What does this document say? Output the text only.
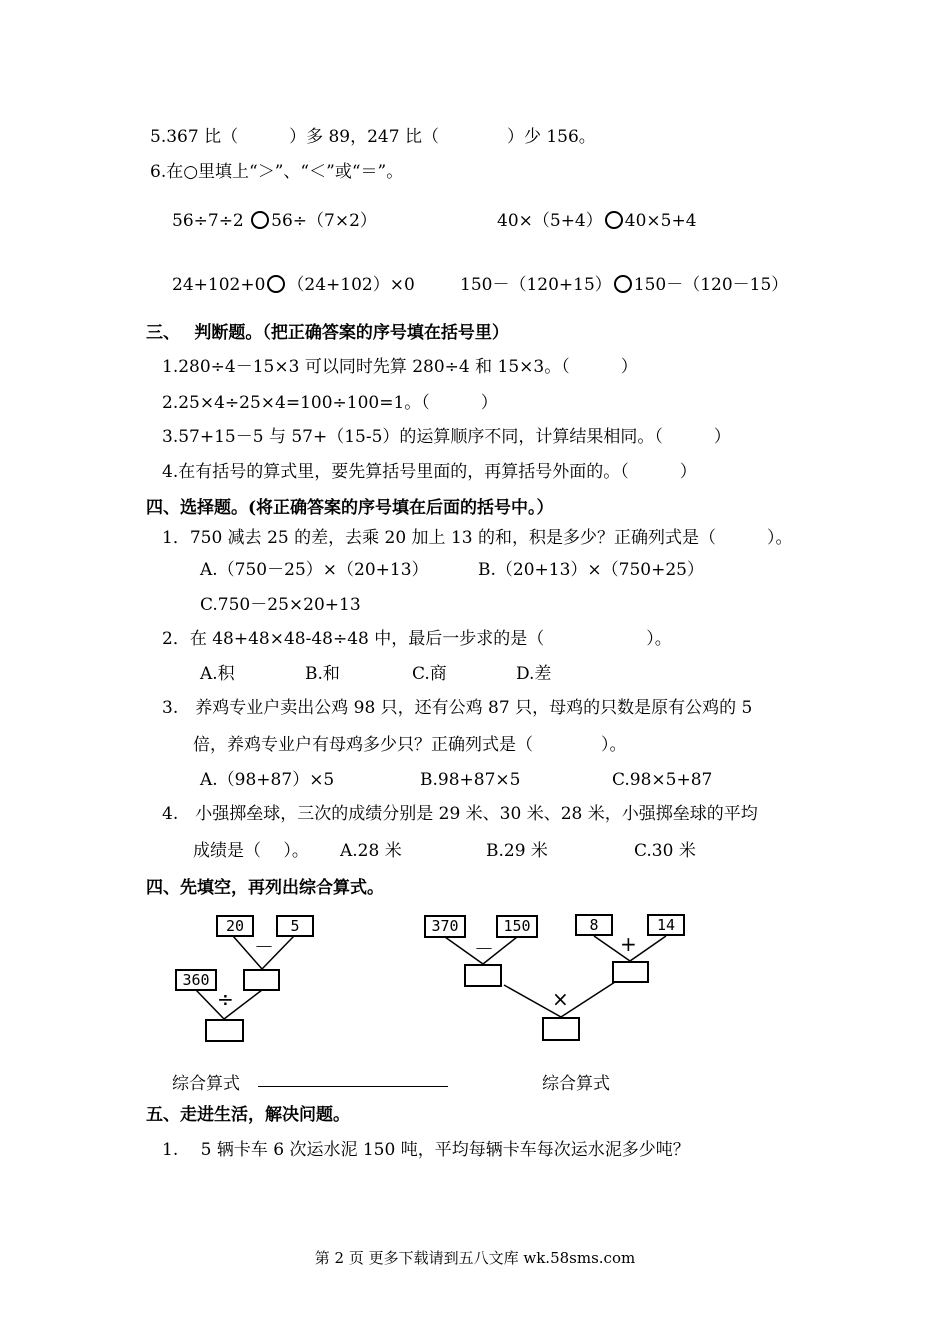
5.367 比（　　　）多 89，247 比（　　　　）少 156。
6.在○里填上“＞”、“＜”或“＝”。
56÷7÷2 56÷（7×2）	40×（5+4） 40×5+4
24+102+0 （24+102）×0	150－（120+15） 150－（120－15）
三、　 判断题。（把正确答案的序号填在括号里）
1.280÷4－15×3 可以同时先算 280÷4 和 15×3。（　　　）
2.25×4÷25×4=100÷100=1。（　　　）
3.57+15－5 与 57+（15-5）的运算顺序不同，计算结果相同。（　　　）
4.在有括号的算式里，要先算括号里面的，再算括号外面的。（　　　）
四、选择题。(将正确答案的序号填在后面的括号中。）
1．750 减去 25 的差，去乘 20 加上 13 的和，积是多少？正确列式是（　　　）。
A.（750－25）×（20+13）	B.（20+13）×（750+25）
C.750－25×20+13
2．在 48+48×48-48÷48 中，最后一步求的是（　　　　　　）。
A.积	B.和	C.商	D.差
3.　养鸡专业户卖出公鸡 98 只，还有公鸡 87 只，母鸡的只数是原有公鸡的 5
倍，养鸡专业户有母鸡多少只？正确列式是（　　　　）。
A.（98+87）×5	B.98+87×5	C.98×5+87
4.　小强掷垒球，三次的成绩分别是 29 米、30 米、28 米，小强掷垒球的平均
成绩是（　 ）。 A.28 米	B.29 米	C.30 米
四、先填空，再列出综合算式。
20	5
－
360
÷
370	150
－
8	14
+
×
综合算式	综合算式
五、走进生活，解决问题。
1.　 5 辆卡车 6 次运水泥 150 吨，平均每辆卡车每次运水泥多少吨？
第 2 页 更多下载请到五八文库 wk.58sms.com
